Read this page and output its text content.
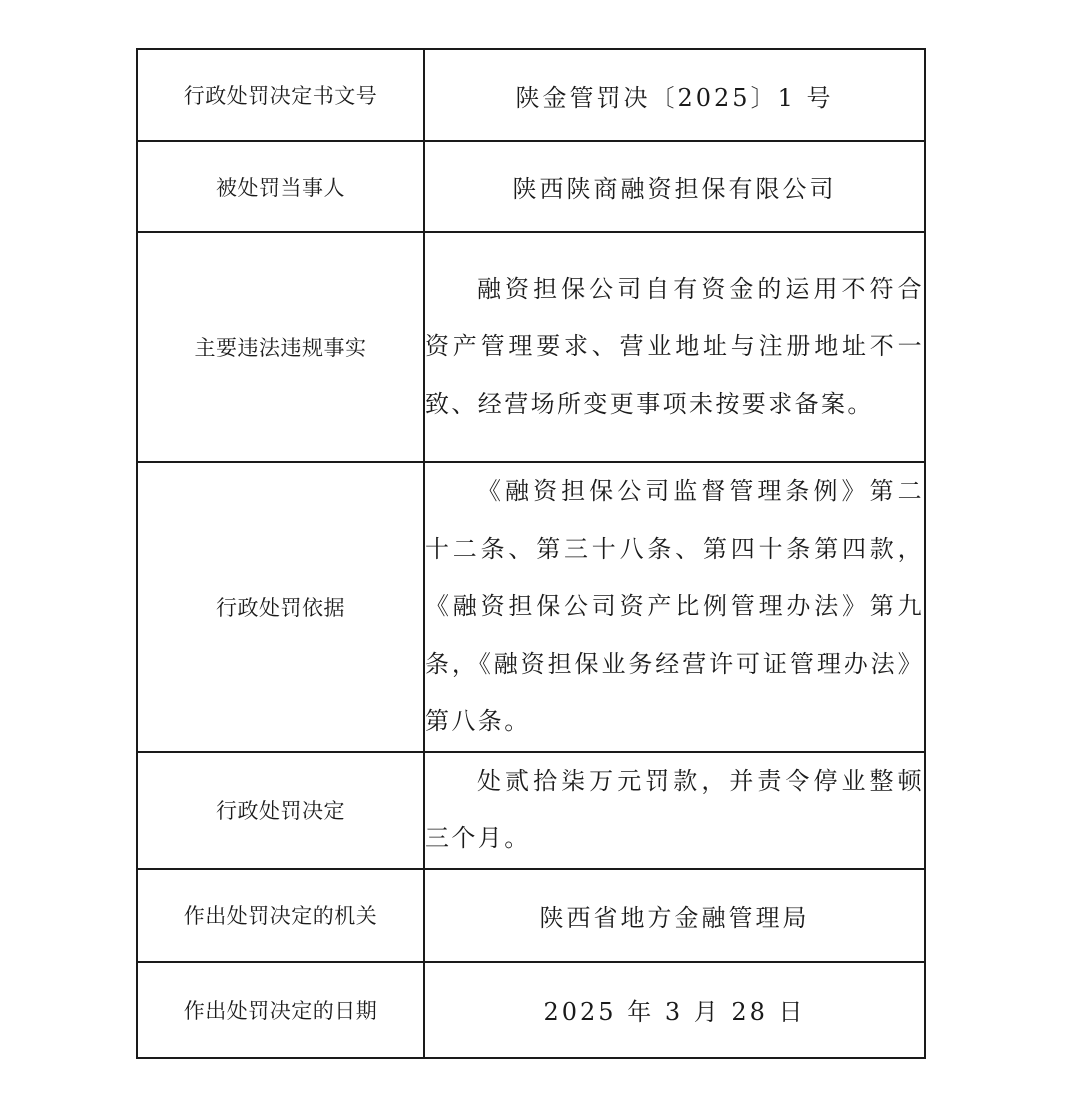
行政处罚决定书文号	陕金管罚决〔2025〕1 号
被处罚当事人	陕西陕商融资担保有限公司
主要违法违规事实	融资担保公司自有资金的运用不符合资产管理要求、营业地址与注册地址不一致、经营场所变更事项未按要求备案。
行政处罚依据	《融资担保公司监督管理条例》第二十二条、第三十八条、第四十条第四款，《融资担保公司资产比例管理办法》第九条，《融资担保业务经营许可证管理办法》第八条。
行政处罚决定	处贰拾柒万元罚款，并责令停业整顿三个月。
作出处罚决定的机关	陕西省地方金融管理局
作出处罚决定的日期	2025 年 3 月 28 日
